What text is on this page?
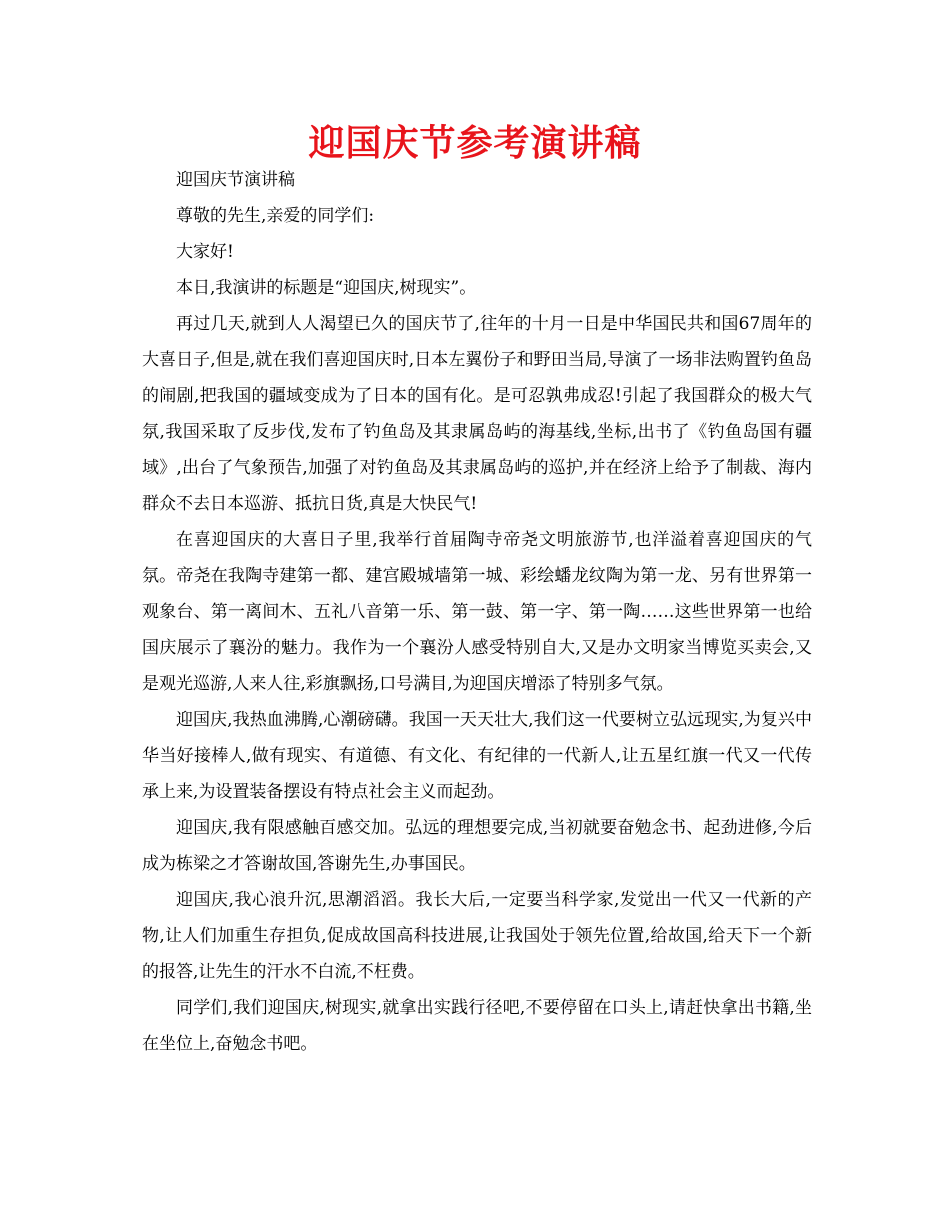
迎国庆节参考演讲稿

迎国庆节演讲稿

尊敬的先生,亲爱的同学们:

大家好!

本日,我演讲的标题是“迎国庆,树现实”。

再过几天,就到人人渴望已久的国庆节了,往年的十月一日是中华国民共和国67周年的大喜日子,但是,就在我们喜迎国庆时,日本左翼份子和野田当局,导演了一场非法购置钓鱼岛的闹剧,把我国的疆域变成为了日本的国有化。是可忍孰弗成忍!引起了我国群众的极大气氛,我国采取了反步伐,发布了钓鱼岛及其隶属岛屿的海基线,坐标,出书了《钓鱼岛国有疆域》,出台了气象预告,加强了对钓鱼岛及其隶属岛屿的巡护,并在经济上给予了制裁、海内群众不去日本巡游、抵抗日货,真是大快民气!

在喜迎国庆的大喜日子里,我举行首届陶寺帝尧文明旅游节,也洋溢着喜迎国庆的气氛。帝尧在我陶寺建第一都、建宫殿城墙第一城、彩绘蟠龙纹陶为第一龙、另有世界第一观象台、第一离间木、五礼八音第一乐、第一鼓、第一字、第一陶……这些世界第一也给国庆展示了襄汾的魅力。我作为一个襄汾人感受特别自大,又是办文明家当博览买卖会,又是观光巡游,人来人往,彩旗飘扬,口号满目,为迎国庆增添了特别多气氛。

迎国庆,我热血沸腾,心潮磅礴。我国一天天壮大,我们这一代要树立弘远现实,为复兴中华当好接棒人,做有现实、有道德、有文化、有纪律的一代新人,让五星红旗一代又一代传承上来,为设置装备摆设有特点社会主义而起劲。

迎国庆,我有限感触百感交加。弘远的理想要完成,当初就要奋勉念书、起劲进修,今后成为栋梁之才答谢故国,答谢先生,办事国民。

迎国庆,我心浪升沉,思潮滔滔。我长大后,一定要当科学家,发觉出一代又一代新的产物,让人们加重生存担负,促成故国高科技进展,让我国处于领先位置,给故国,给天下一个新的报答,让先生的汗水不白流,不枉费。

同学们,我们迎国庆,树现实,就拿出实践行径吧,不要停留在口头上,请赶快拿出书籍,坐在坐位上,奋勉念书吧。
